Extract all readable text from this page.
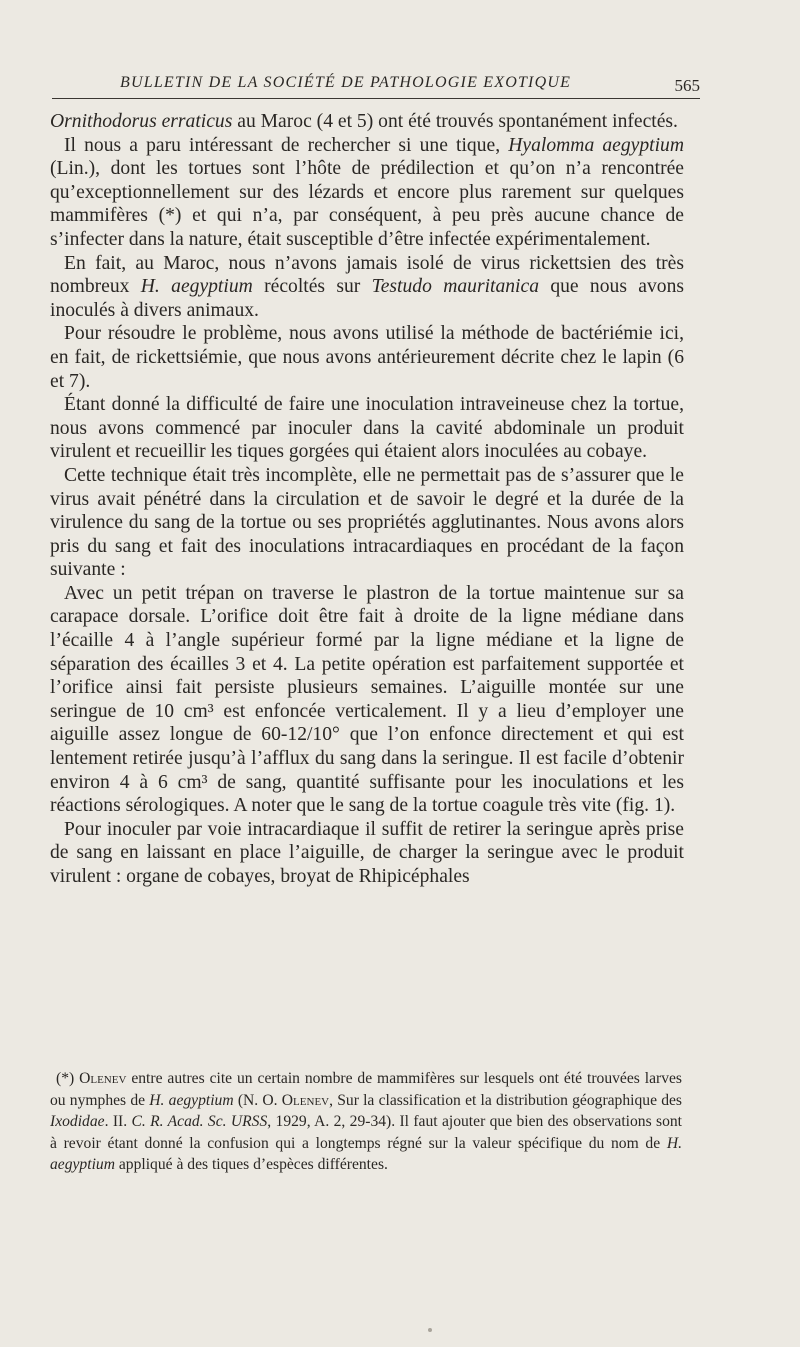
BULLETIN DE LA SOCIÉTÉ DE PATHOLOGIE EXOTIQUE	565

Ornithodorus erraticus au Maroc (4 et 5) ont été trouvés spontanément infectés.

Il nous a paru intéressant de rechercher si une tique, Hyalomma aegyptium (Lin.), dont les tortues sont l’hôte de prédilection et qu’on n’a rencontrée qu’exceptionnellement sur des lézards et encore plus rarement sur quelques mammifères (*) et qui n’a, par conséquent, à peu près aucune chance de s’infecter dans la nature, était susceptible d’être infectée expérimentalement.

En fait, au Maroc, nous n’avons jamais isolé de virus rickettsien des très nombreux H. aegyptium récoltés sur Testudo mauritanica que nous avons inoculés à divers animaux.

Pour résoudre le problème, nous avons utilisé la méthode de bactériémie ici, en fait, de rickettsiémie, que nous avons antérieurement décrite chez le lapin (6 et 7).

Étant donné la difficulté de faire une inoculation intraveineuse chez la tortue, nous avons commencé par inoculer dans la cavité abdominale un produit virulent et recueillir les tiques gorgées qui étaient alors inoculées au cobaye.

Cette technique était très incomplète, elle ne permettait pas de s’assurer que le virus avait pénétré dans la circulation et de savoir le degré et la durée de la virulence du sang de la tortue ou ses propriétés agglutinantes. Nous avons alors pris du sang et fait des inoculations intracardiaques en procédant de la façon suivante :

Avec un petit trépan on traverse le plastron de la tortue maintenue sur sa carapace dorsale. L’orifice doit être fait à droite de la ligne médiane dans l’écaille 4 à l’angle supérieur formé par la ligne médiane et la ligne de séparation des écailles 3 et 4. La petite opération est parfaitement supportée et l’orifice ainsi fait persiste plusieurs semaines. L’aiguille montée sur une seringue de 10 cm³ est enfoncée verticalement. Il y a lieu d’employer une aiguille assez longue de 60-12/10° que l’on enfonce directement et qui est lentement retirée jusqu’à l’afflux du sang dans la seringue. Il est facile d’obtenir environ 4 à 6 cm³ de sang, quantité suffisante pour les inoculations et les réactions sérologiques. A noter que le sang de la tortue coagule très vite (fig. 1).

Pour inoculer par voie intracardiaque il suffit de retirer la seringue après prise de sang en laissant en place l’aiguille, de charger la seringue avec le produit virulent : organe de cobayes, broyat de Rhipicéphales

(*) Olenev entre autres cite un certain nombre de mammifères sur lesquels ont été trouvées larves ou nymphes de H. aegyptium (N. O. Olenev, Sur la classification et la distribution géographique des Ixodidae. II. C. R. Acad. Sc. URSS, 1929, A. 2, 29-34). Il faut ajouter que bien des observations sont à revoir étant donné la confusion qui a longtemps régné sur la valeur spécifique du nom de H. aegyptium appliqué à des tiques d’espèces différentes.
